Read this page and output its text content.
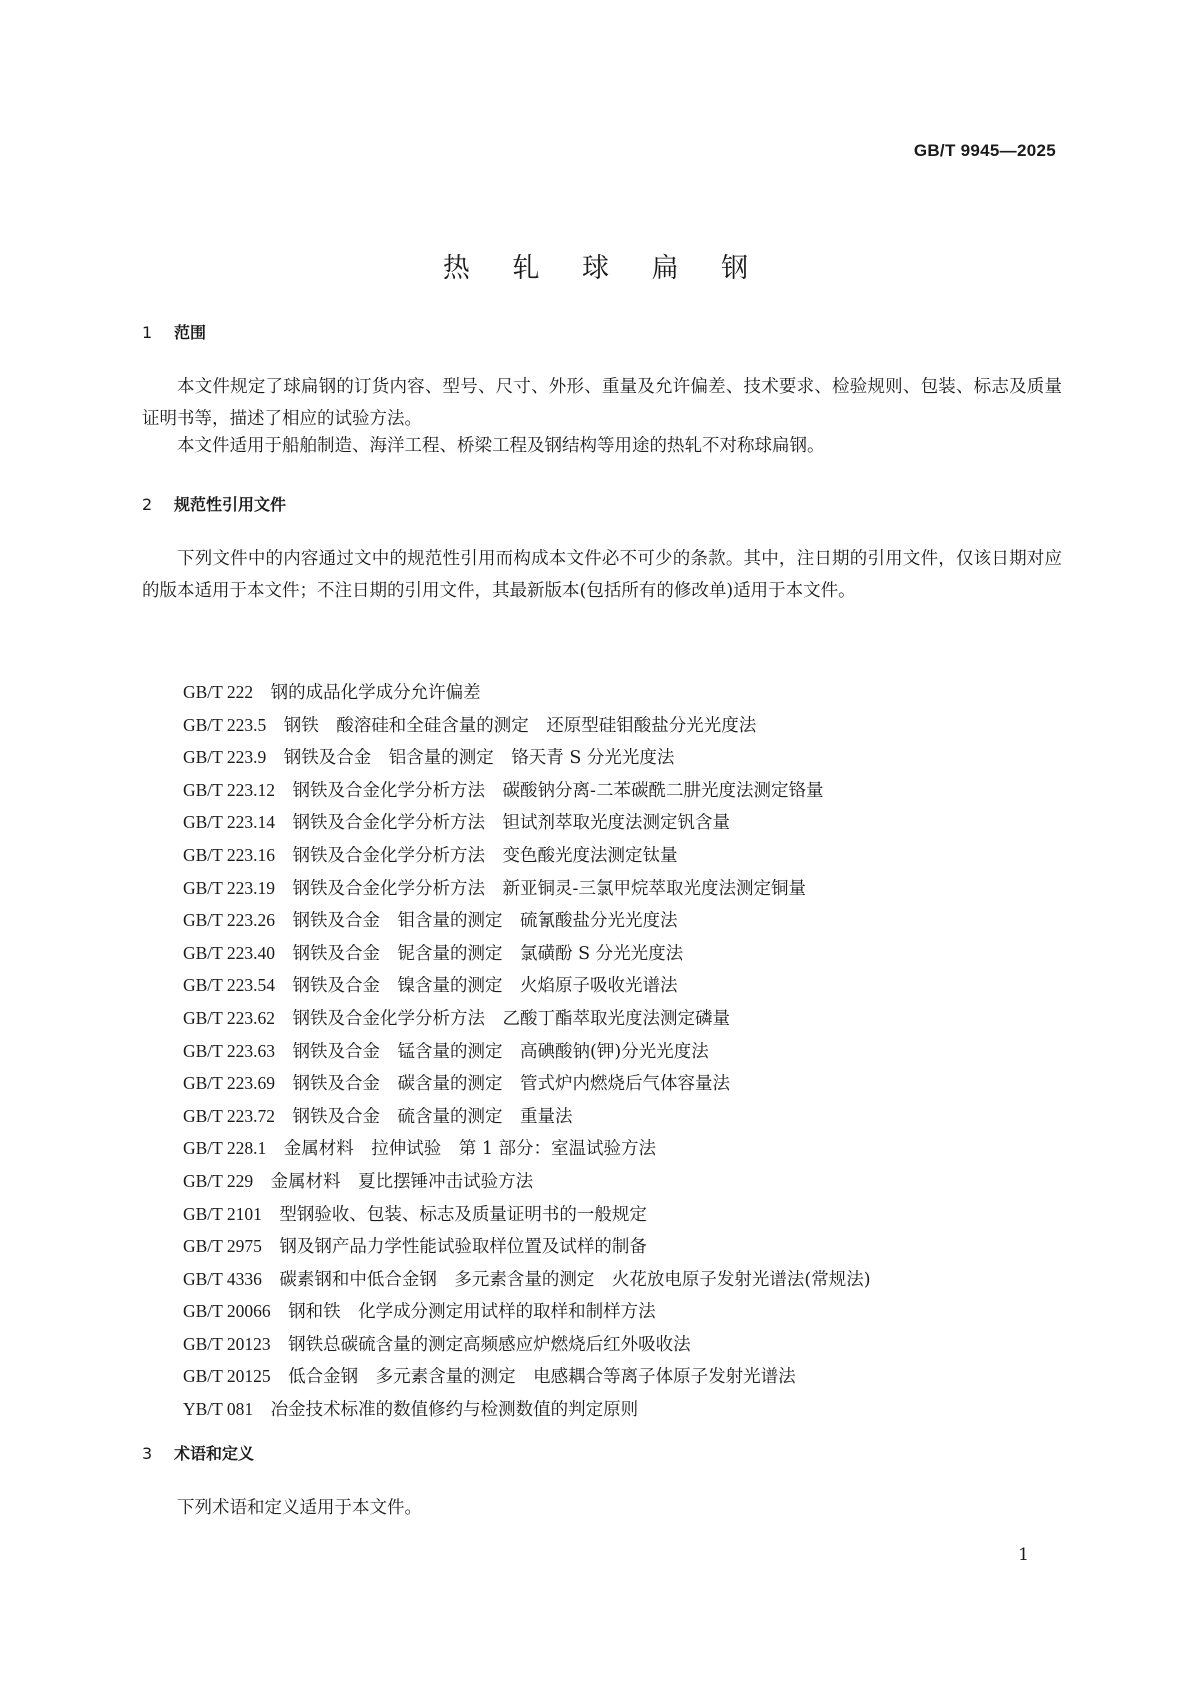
GB/T 9945—2025
热 轧 球 扁 钢
1 范围

本文件规定了球扁钢的订货内容、型号、尺寸、外形、重量及允许偏差、技术要求、检验规则、包装、标志及质量证明书等，描述了相应的试验方法。

本文件适用于船舶制造、海洋工程、桥梁工程及钢结构等用途的热轧不对称球扁钢。

2 规范性引用文件

下列文件中的内容通过文中的规范性引用而构成本文件必不可少的条款。其中，注日期的引用文件，仅该日期对应的版本适用于本文件；不注日期的引用文件，其最新版本(包括所有的修改单)适用于本文件。

GB/T 222　 钢的成品化学成分允许偏差
GB/T 223.5　 钢铁　酸溶硅和全硅含量的测定　还原型硅钼酸盐分光光度法
GB/T 223.9　 钢铁及合金　铝含量的测定　铬天青 S 分光光度法
GB/T 223.12　 钢铁及合金化学分析方法　碳酸钠分离-二苯碳酰二肼光度法测定铬量
GB/T 223.14　 钢铁及合金化学分析方法　钽试剂萃取光度法测定钒含量
GB/T 223.16　 钢铁及合金化学分析方法　变色酸光度法测定钛量
GB/T 223.19　 钢铁及合金化学分析方法　新亚铜灵-三氯甲烷萃取光度法测定铜量
GB/T 223.26　 钢铁及合金　钼含量的测定　硫氰酸盐分光光度法
GB/T 223.40　 钢铁及合金　铌含量的测定　氯磺酚 S 分光光度法
GB/T 223.54　 钢铁及合金　镍含量的测定　火焰原子吸收光谱法
GB/T 223.62　 钢铁及合金化学分析方法　乙酸丁酯萃取光度法测定磷量
GB/T 223.63　 钢铁及合金　锰含量的测定　高碘酸钠(钾)分光光度法
GB/T 223.69　 钢铁及合金　碳含量的测定　管式炉内燃烧后气体容量法
GB/T 223.72　 钢铁及合金　硫含量的测定　重量法
GB/T 228.1　 金属材料　拉伸试验　第 1 部分：室温试验方法
GB/T 229　 金属材料　夏比摆锤冲击试验方法
GB/T 2101　 型钢验收、包装、标志及质量证明书的一般规定
GB/T 2975　 钢及钢产品力学性能试验取样位置及试样的制备
GB/T 4336　 碳素钢和中低合金钢　多元素含量的测定　火花放电原子发射光谱法(常规法)
GB/T 20066　 钢和铁　化学成分测定用试样的取样和制样方法
GB/T 20123　 钢铁总碳硫含量的测定高频感应炉燃烧后红外吸收法
GB/T 20125　 低合金钢　多元素含量的测定　电感耦合等离子体原子发射光谱法
YB/T 081　 冶金技术标准的数值修约与检测数值的判定原则
3 术语和定义

下列术语和定义适用于本文件。

1
